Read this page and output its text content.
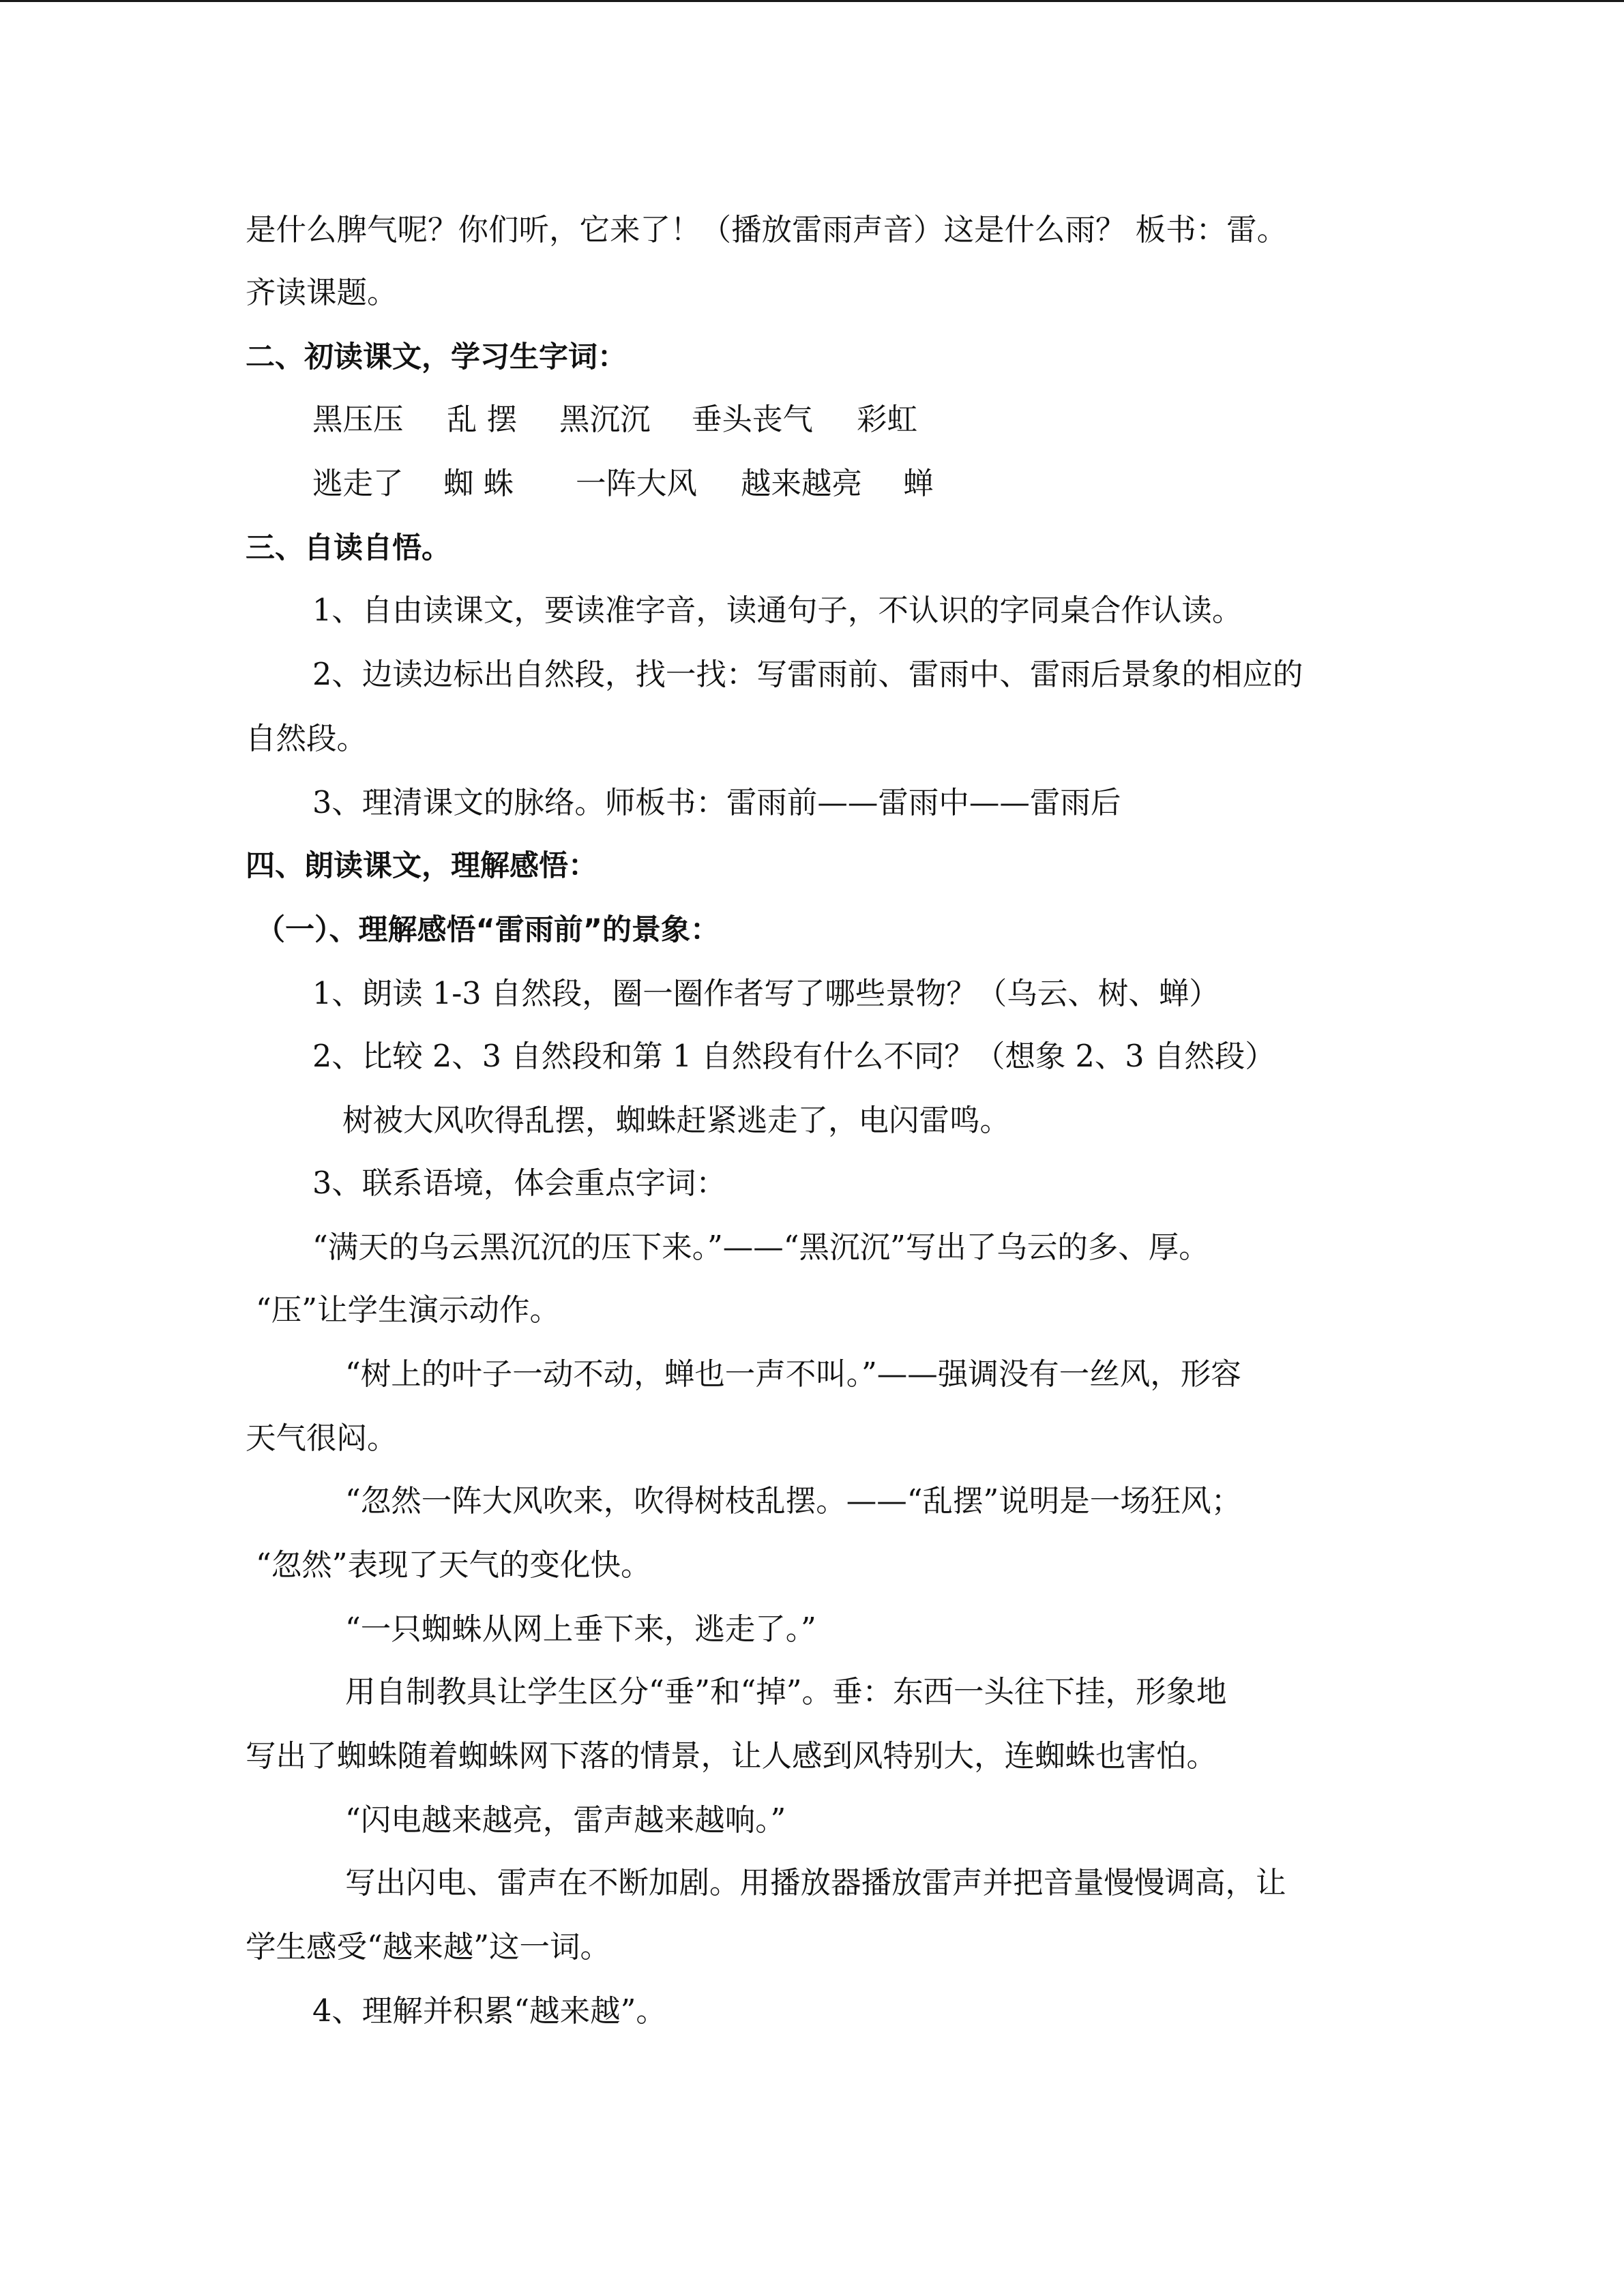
是什么脾气呢？你们听，它来了！（播放雷雨声音）这是什么雨？ 板书：雷。
齐读课题。
二、初读课文，学习生字词：
黑压压 乱 摆 黑沉沉 垂头丧气 彩虹
逃走了 蜘 蛛 一阵大风 越来越亮 蝉
三、自读自悟。
1、自由读课文，要读准字音，读通句子，不认识的字同桌合作认读。
2、边读边标出自然段，找一找：写雷雨前、雷雨中、雷雨后景象的相应的
自然段。
3、理清课文的脉络。师板书：雷雨前——雷雨中——雷雨后
四、朗读课文，理解感悟：
（一）、理解感悟“雷雨前”的景象：
1、朗读 1-3 自然段，圈一圈作者写了哪些景物？（乌云、树、蝉）
2、比较 2、3 自然段和第 1 自然段有什么不同？（想象 2、3 自然段）
树被大风吹得乱摆，蜘蛛赶紧逃走了，电闪雷鸣。
3、联系语境，体会重点字词：
“满天的乌云黑沉沉的压下来。”——“黑沉沉”写出了乌云的多、厚。
“压”让学生演示动作。
“树上的叶子一动不动，蝉也一声不叫。”——强调没有一丝风，形容
天气很闷。
“忽然一阵大风吹来，吹得树枝乱摆。——“乱摆”说明是一场狂风；
“忽然”表现了天气的变化快。
“一只蜘蛛从网上垂下来，逃走了。”
用自制教具让学生区分“垂”和“掉”。垂：东西一头往下挂，形象地
写出了蜘蛛随着蜘蛛网下落的情景，让人感到风特别大，连蜘蛛也害怕。
“闪电越来越亮，雷声越来越响。”
写出闪电、雷声在不断加剧。用播放器播放雷声并把音量慢慢调高，让
学生感受“越来越”这一词。
4、理解并积累“越来越”。
